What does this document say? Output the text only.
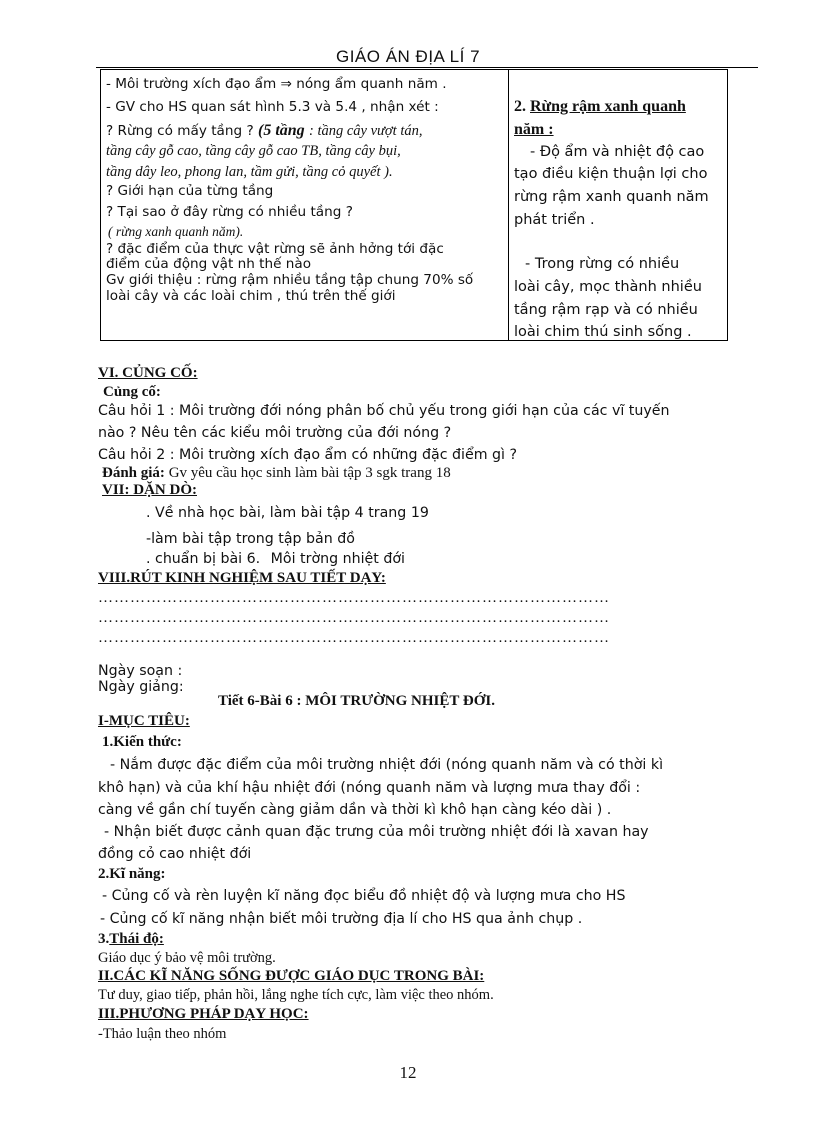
GIÁO ÁN ĐỊA LÍ 7
- Môi trường xích đạo ẩm ⇒ nóng ẩm quanh năm .
- GV cho HS quan sát hình 5.3 và 5.4 , nhận xét :
? Rừng có mấy tầng ? (5 tầng : tầng cây vượt tán,
tầng cây gỗ cao, tầng cây gỗ cao TB, tầng cây bụi,
tầng dây leo, phong lan, tầm gửi, tầng cỏ quyết ).
? Giới hạn của từng tầng
? Tại sao ở đây rừng có nhiều tầng ?
( rừng xanh quanh năm).
? đặc điểm của thực vật rừng sẽ ảnh hởng tới đặc
điểm của động vật nh thế nào
Gv giới thiệu : rừng rậm nhiều tầng tập chung 70% số
loài cây và các loài chim , thú trên thế giới
2. Rừng rậm xanh quanh
năm :
- Độ ẩm và nhiệt độ cao
tạo điều kiện thuận lợi cho
rừng rậm xanh quanh năm
phát triển .
- Trong rừng có nhiều
loài cây, mọc thành nhiều
tầng rậm rạp và có nhiều
loài chim thú sinh sống .
VI. CỦNG CỐ:
Củng cố:
Câu hỏi 1 : Môi trường đới nóng phân bố chủ yếu trong giới hạn của các vĩ tuyến
nào ? Nêu tên các kiểu môi trường của đới nóng ?
Câu hỏi 2 : Môi trường xích đạo ẩm có những đặc điểm gì ?
Đánh giá: Gv yêu cầu học sinh làm bài tập 3 sgk trang 18
VII: DẶN DÒ:
. Về nhà học bài, làm bài tập 4 trang 19
-làm bài tập trong tập bản đồ
. chuẩn bị bài 6. Môi trờng nhiệt đới
VIII.RÚT KINH NGHIỆM SAU TIẾT DẠY:
……………………………………………………………………………………
……………………………………………………………………………………
……………………………………………………………………………………
Ngày soạn :
Ngày giảng:
Tiết 6-Bài 6 : MÔI TRƯỜNG NHIỆT ĐỚI.
I-MỤC TIÊU:
1.Kiến thức:
- Nắm được đặc điểm của môi trường nhiệt đới (nóng quanh năm và có thời kì
khô hạn) và của khí hậu nhiệt đới (nóng quanh năm và lượng mưa thay đổi :
càng về gần chí tuyến càng giảm dần và thời kì khô hạn càng kéo dài ) .
- Nhận biết được cảnh quan đặc trưng của môi trường nhiệt đới là xavan hay
đồng cỏ cao nhiệt đới
2.Kĩ năng:
- Củng cố và rèn luyện kĩ năng đọc biểu đồ nhiệt độ và lượng mưa cho HS
- Củng cố kĩ năng nhận biết môi trường địa lí cho HS qua ảnh chụp .
3.Thái độ:
Giáo dục ý bảo vệ môi trường.
II.CÁC KĨ NĂNG SỐNG ĐƯỢC GIÁO DỤC TRONG BÀI:
Tư duy, giao tiếp, phản hồi, lắng nghe tích cực, làm việc theo nhóm.
III.PHƯƠNG PHÁP DẠY HỌC:
-Thảo luận theo nhóm
12
